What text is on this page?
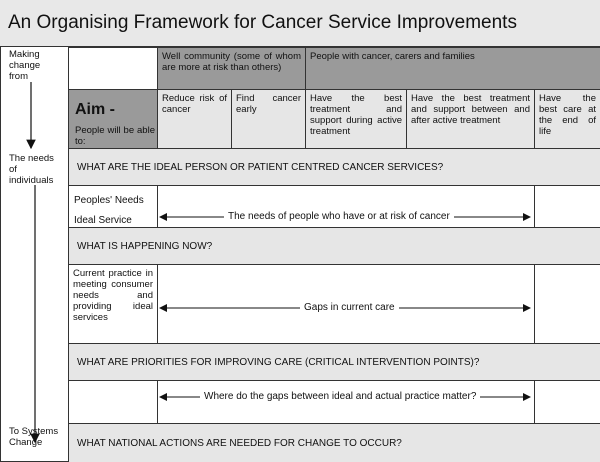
An Organising Framework for Cancer Service Improvements
Making change from
The needs of individuals
To Systems Change
Well community (some of whom are more at risk than others)
People with cancer, carers and families
Aim -
People will be able to:
Reduce risk of cancer
Find cancer early
Have the best treatment and support during active treatment
Have the best treatment and support between and after active treatment
Have the best care at the end of life
WHAT ARE THE IDEAL PERSON OR PATIENT CENTRED CANCER SERVICES?
Peoples' Needs
Ideal Service
WHAT IS HAPPENING NOW?
Current practice in meeting consumer needs and providing ideal services
WHAT ARE PRIORITIES FOR IMPROVING CARE (CRITICAL INTERVENTION POINTS)?
WHAT NATIONAL ACTIONS ARE NEEDED FOR CHANGE TO OCCUR?
The needs of people who have or at risk of cancer
Gaps in current care
Where do the gaps between ideal and actual practice matter?
